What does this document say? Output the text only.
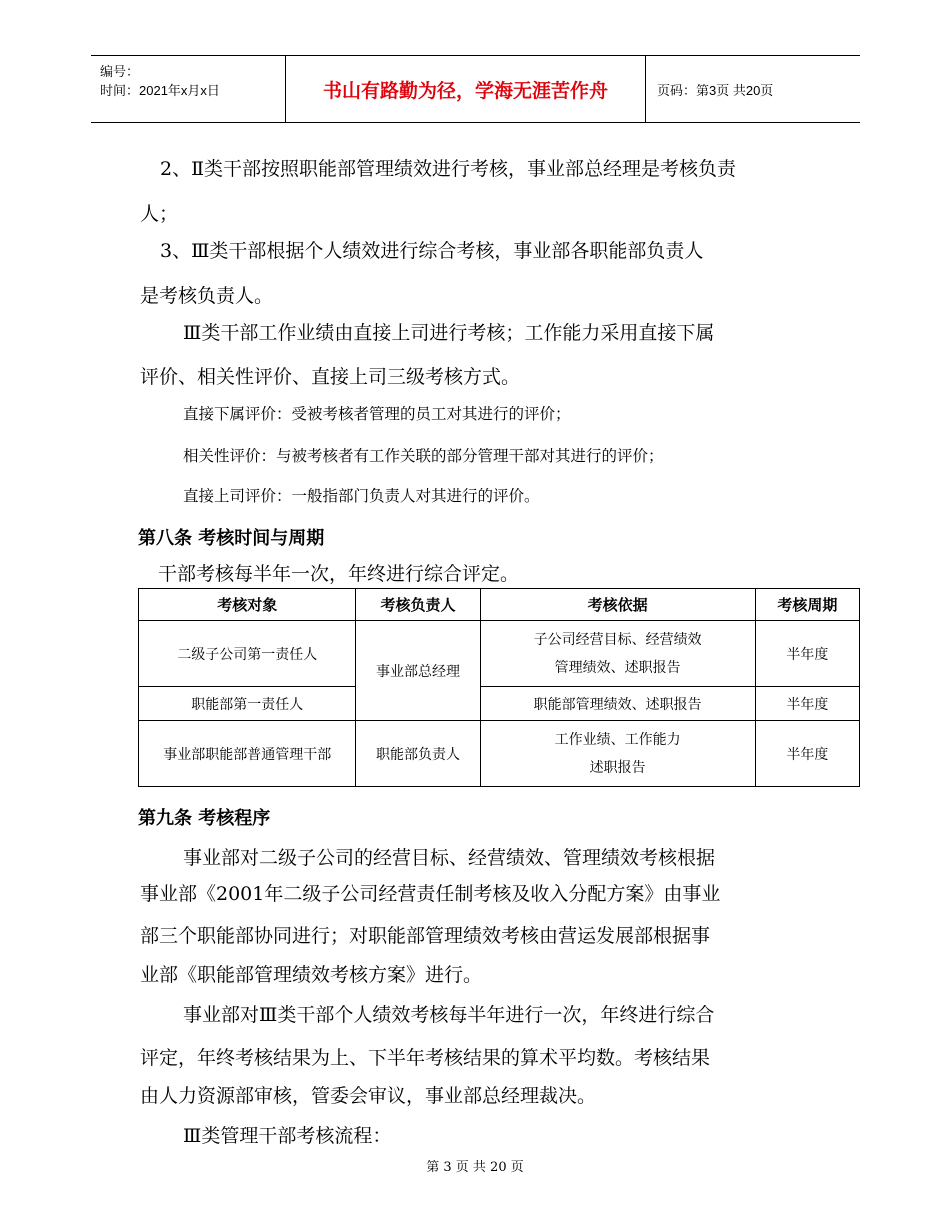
编号：
时间：2021年x月x日	书山有路勤为径，学海无涯苦作舟	页码：第3页 共20页
2、Ⅱ类干部按照职能部管理绩效进行考核，事业部总经理是考核负责
人；
3、Ⅲ类干部根据个人绩效进行综合考核，事业部各职能部负责人
是考核负责人。
Ⅲ类干部工作业绩由直接上司进行考核；工作能力采用直接下属
评价、相关性评价、直接上司三级考核方式。
直接下属评价：受被考核者管理的员工对其进行的评价；
相关性评价：与被考核者有工作关联的部分管理干部对其进行的评价；
直接上司评价：一般指部门负责人对其进行的评价。
第八条 考核时间与周期
干部考核每半年一次，年终进行综合评定。
考核对象	考核负责人	考核依据	考核周期
二级子公司第一责任人	事业部总经理	子公司经营目标、经营绩效
管理绩效、述职报告	半年度
职能部第一责任人		职能部管理绩效、述职报告	半年度
事业部职能部普通管理干部	职能部负责人	工作业绩、工作能力
述职报告	半年度
第九条 考核程序
事业部对二级子公司的经营目标、经营绩效、管理绩效考核根据
事业部《2001年二级子公司经营责任制考核及收入分配方案》由事业
部三个职能部协同进行；对职能部管理绩效考核由营运发展部根据事
业部《职能部管理绩效考核方案》进行。
事业部对Ⅲ类干部个人绩效考核每半年进行一次，年终进行综合
评定，年终考核结果为上、下半年考核结果的算术平均数。考核结果
由人力资源部审核，管委会审议，事业部总经理裁决。
Ⅲ类管理干部考核流程：
第 3 页 共 20 页
